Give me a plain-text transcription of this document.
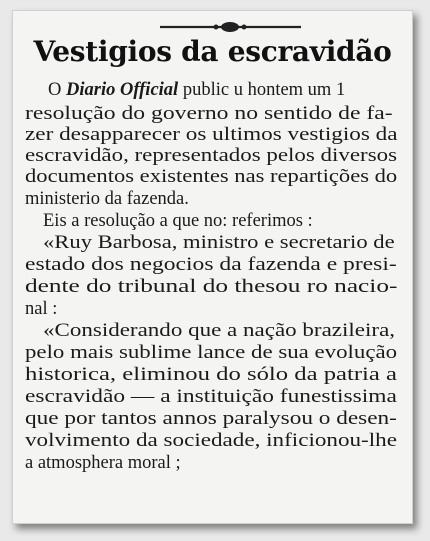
Vestigios da escravidão
O Diario Official public u hontem um 1
resolução do governo no sentido de fa-
zer desapparecer os ultimos vestigios da
escravidão, representados pelos diversos
documentos existentes nas repartições do
ministerio da fazenda.
Eis a resolução a que no: referimos :
«Ruy Barbosa, ministro e secretario de
estado dos negocios da fazenda e presi-
dente do tribunal do thesou ro nacio-
nal :
«Considerando que a nação brazileira,
pelo mais sublime lance de sua evolução
historica, eliminou do sólo da patria a
escravidão — a instituição funestissima
que por tantos annos paralysou o desen-
volvimento da sociedade, inficionou-lhe
a atmosphera moral ;
